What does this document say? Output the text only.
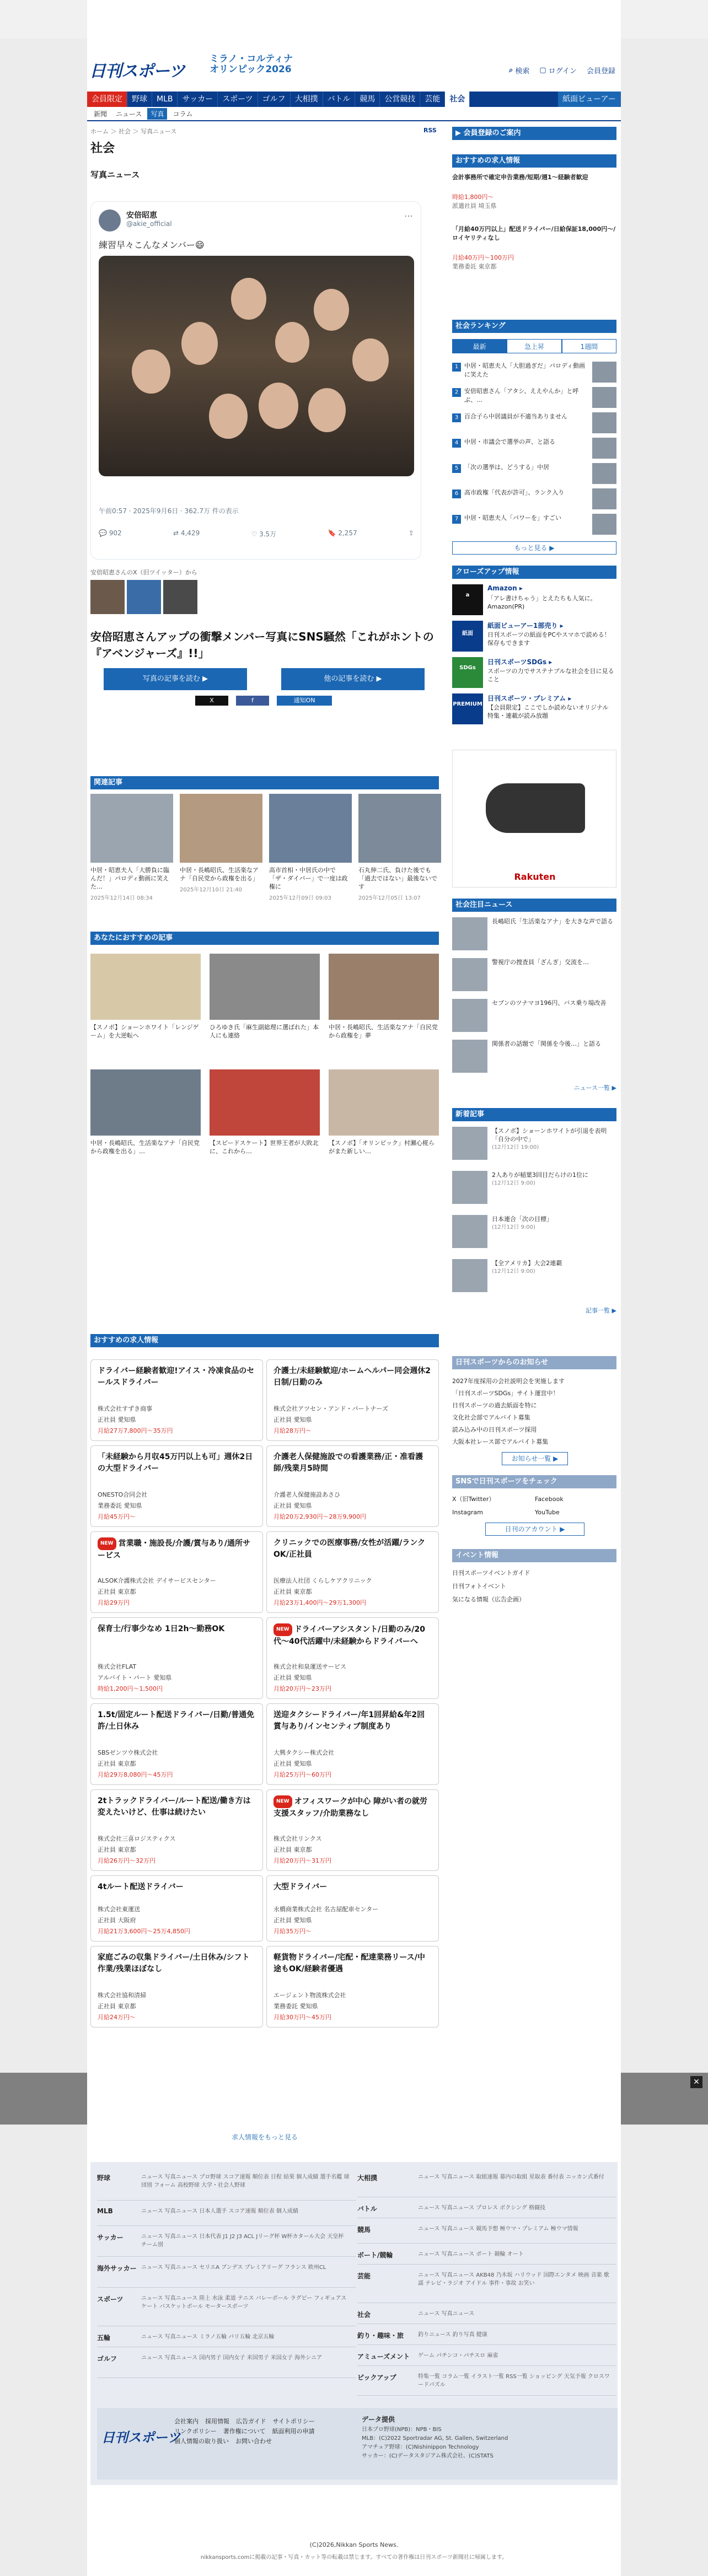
✕
日刊スポーツ
ミラノ・コルティナ
オリンピック2026	⌕ 検索 ▢ ログイン 会員登録
会員限定	野球	MLB	サッカー	スポーツ	ゴルフ	大相撲	バトル	競馬	公営競技	芸能	社会	紙面ビューアー
新聞	ニュース	写真	コラム
ホーム ＞ 社会 ＞ 写真ニュース	RSS
社会
写真ニュース
安倍昭恵
@akie_official
⋯
練習早々こんなメンバー😄
午前0:57 · 2025年9月6日 · 362.7万 件の表示
💬 902	⇄ 4,429	♡ 3.5万	🔖 2,257	⇪
安倍昭恵さんのX（旧ツイッター）から
安倍昭恵さんアップの衝撃メンバー写真にSNS騒然「これがホントの『アベンジャーズ』!!」
写真の記事を読む ▶	他の記事を読む ▶
X	f	通知ON
関連記事
中居・昭恵夫人「大勝負に臨んだ！」パロディ動画に笑えた…
2025年12月14日 08:34
中居・長嶋昭氏、生活楽なアナ「自民党から政権を出る」
2025年12月10日 21:40
高市首相・中居氏の中で「ザ・ダイバー」で一度は政権に
2025年12月09日 09:03
石丸伸二氏、負けた後でも「過去ではない」最後ないです
2025年12月05日 13:07
あなたにおすすめの記事
【スノボ】ショーンホワイト「レンジゲーム」を大逆転へ
ひろゆき氏「麻生副総理に選ばれた」本人にも連絡
中居・長嶋昭氏、生活楽なアナ「自民党から政権を」夢
中居・長嶋昭氏、生活楽なアナ「自民党から政権を出る」…
【スピードスケート】世界王者が大敗北に、これから…
【スノボ】「オリンピック」村瀬心椛らがまた新しい…
おすすめの求人情報
ドライバー経験者歓迎!アイス・冷凍食品のセールスドライバー
株式会社すずき商事
正社員 愛知県
月給27万7,800円〜35万円
介護士/未経験歓迎/ホームヘルパー同会週休2日制/日勤のみ
株式会社アツセン・アンド・パートナーズ
正社員 愛知県
月給28万円〜
「未経験から月収45万円以上も可」週休2日の大型ドライバー
ONESTO合同会社
業務委託 愛知県
月給45万円〜
介護老人保健施設での看護業務/正・准看護師/残業月5時間
介護老人保健施設あさひ
正社員 愛知県
月給20万2,930円〜28万9,900円
NEW 営業職・施設長/介護/賞与あり/通所サービス
ALSOK介護株式会社 デイサービスセンター
正社員 東京都
月給29万円
クリニックでの医療事務/女性が活躍/ランクOK/正社員
医療法人社団 くらしケアクリニック
正社員 東京都
月給23万1,400円〜29万1,300円
保育士/行事少なめ 1日2h〜勤務OK
株式会社FLAT
アルバイト・パート 愛知県
時給1,200円〜1,500円
NEW ドライバーアシスタント/日勤のみ/20代〜40代活躍中/未経験からドライバーへ
株式会社和泉運送サービス
正社員 愛知県
月給20万円〜23万円
1.5t/固定ルート配送ドライバー/日勤/普通免許/土日休み
SBSゼンツウ株式会社
正社員 東京都
月給29万8,080円〜45万円
送迎タクシードライバー/年1回昇給&年2回賞与あり/インセンティブ制度あり
大興タクシー株式会社
正社員 愛知県
月給25万円〜60万円
2tトラックドライバー/ルート配送/働き方は変えたいけど、仕事は続けたい
株式会社三喜ロジスティクス
正社員 東京都
月給26万円〜32万円
NEW オフィスワークが中心 障がい者の就労支援スタッフ/介助業務なし
株式会社リンクス
正社員 東京都
月給20万円〜31万円
4tルート配送ドライバー
株式会社東運送
正社員 大阪府
月給21万3,600円〜25万4,850円
大型ドライバー
永橋商業株式会社 名古屋配車センター
正社員 愛知県
月給35万円〜
家庭ごみの収集ドライバー/土日休み/シフト作業/残業ほぼなし
株式会社協和清掃
正社員 東京都
月給24万円〜
軽貨物ドライバー/宅配・配達業務リース/中途もOK/経験者優遇
エージェント物流株式会社
業務委託 愛知県
月給30万円〜45万円
求人情報をもっと見る
▶ 会員登録のご案内
おすすめの求人情報
会計事務所で確定申告業務/短期/週1〜経験者歓迎
時給1,800円〜
派遣社員 埼玉県
「月給40万円以上」配送ドライバー/日給保証18,000円〜/ロイヤリティなし
月給40万円〜100万円
業務委託 東京都
社会ランキング
最新	急上昇	1週間
1 中居・昭恵夫人「大胆過ぎだ」パロディ動画に笑えた
2 安倍昭恵さん「アタシ、ええやんか」と呼ぶ、…
3 百合子ら中居議員が不適当ありません
4 中居・市議会で選挙の声、と語る
5 「次の選挙は、どうする」中居
6 高市政権「代表が許可」、ランク入り
7 中居・昭恵夫人「パワーを」すごい
もっと見る ▶
クローズアップ情報
a
Amazon ▸
「アレ書けちゃう」とえたちも人気に。Amazon(PR)
紙面
紙面ビューアー1部売り ▸
日刊スポーツの紙面をPCやスマホで読める！保存もできます
SDGs
日刊スポーツSDGs ▸
スポーツの力でサステナブルな社会を目に見ること
PREMIUM
日刊スポーツ・プレミアム ▸
【会員限定】ここでしか読めないオリジナル特集・連載が読み放題
Rakuten
社会注目ニュース
長嶋昭氏「生活楽なアナ」を大きな声で語る
警視庁の捜査員「ざんぎ」交流を…
セブンのツナマヨ196円、バス乗り場改善
関係者の話題で「関係を今後…」と語る
ニュース一覧 ▶
新着記事
【スノボ】ショーンホワイトが引退を表明「自分の中で」
(12月12日 19:00)
2人ありが稲葉3回目だらけの1位に
(12月12日 9:00)
日本連合「次の目標」
(12月12日 9:00)
【全アメリカ】大会2連覇
(12月12日 9:00)
記事一覧 ▶
日刊スポーツからのお知らせ
2027年度採用の会社説明会を実施します
「日刊スポーツSDGs」サイト運営中！
日刊スポーツの過去紙面を特に
文化社会部でアルバイト募集
読み込み中の日刊スポーツ採用
大阪本社レース部でアルバイト募集
お知らせ一覧 ▶
SNSで日刊スポーツをチェック
X（旧Twitter）	Facebook
Instagram	YouTube
日刊のアカウント ▶
イベント情報
日刊スポーツイベントガイド
日刊フォトイベント
気になる情報（広告企画）
野球	ニュース 写真ニュース プロ野球 スコア速報 順位表 日程 結果 個人成績 選手名鑑 球団別 フォーム 高校野球 大学・社会人野球
MLB	ニュース 写真ニュース 日本人選手 スコア速報 順位表 個人成績
サッカー	ニュース 写真ニュース 日本代表 J1 J2 J3 ACL Jリーグ杯 W杯カタール大会 天皇杯 チーム別
海外サッカー ニュース 写真ニュース セリエA ブンデス プレミアリーグ フランス 欧州CL
スポーツ	ニュース 写真ニュース 陸上 水泳 柔道 テニス バレーボール ラグビー フィギュアスケート バスケットボール モータースポーツ
五輪	ニュース 写真ニュース ミラノ五輪 パリ五輪 北京五輪
ゴルフ	ニュース 写真ニュース 国内男子 国内女子 米国男子 米国女子 海外シニア
大相撲	ニュース 写真ニュース 取組速報 幕内の取組 星取表 番付表 ニッカン式番付
バトル	ニュース 写真ニュース プロレス ボクシング 格闘技
競馬	ニュース 写真ニュース 競馬予想 極ウマ・プレミアム 極ウマ情報
ボート/競輪	ニュース 写真ニュース ボート 競輪 オート
芸能	ニュース 写真ニュース AKB48 乃木坂 ハリウッド 国際エンタメ 映画 音楽 歌謡 テレビ・ラジオ アイドル 事件・事故 お笑い
社会	ニュース 写真ニュース
釣り・趣味・旅	釣りニュース 釣り写真 健康
アミューズメント ゲーム パチンコ・パチスロ 麻雀
ピックアップ	特集一覧 コラム一覧 イラスト一覧 RSS一覧 ショッピング 天気予報 クロスワードパズル
日刊スポーツ
会社案内 採用情報 広告ガイド サイトポリシー
リンクポリシー 著作権について 紙面利用の申請
個人情報の取り扱い お問い合わせ
データ提供
日本プロ野球(NPB)：NPB・BIS
MLB：(C)2022 Sportradar AG, St. Gallen, Switzerland
アマチュア野球：(C)Nishinippon Technology
サッカー：(C)データスタジアム株式会社、(C)STATS
(C)2026,Nikkan Sports News.
nikkansports.comに掲載の記事・写真・カット等の転載は禁じます。すべての著作権は日刊スポーツ新聞社に帰属します。
